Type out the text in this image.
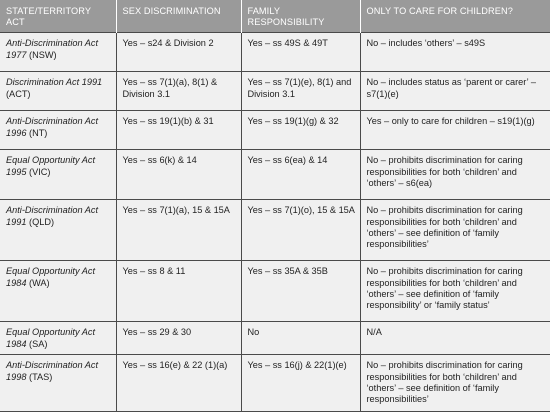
STATE/TERRITORY ACT	SEX DISCRIMINATION	FAMILY RESPONSIBILITY	ONLY TO CARE FOR CHILDREN?
Anti-Discrimination Act 1977 (NSW)	Yes – s24 & Division 2	Yes – ss 49S & 49T	No – includes ‘others’ – s49S
Discrimination Act 1991 (ACT)	Yes – ss 7(1)(a), 8(1) & Division 3.1	Yes – ss 7(1)(e), 8(1) and Division 3.1	No – includes status as ‘parent or carer’ – s7(1)(e)
Anti-Discrimination Act 1996 (NT)	Yes – ss 19(1)(b) & 31	Yes – ss 19(1)(g) & 32	Yes – only to care for children – s19(1)(g)
Equal Opportunity Act 1995 (VIC)	Yes – ss 6(k) & 14	Yes – ss 6(ea) & 14	No – prohibits discrimination for caring responsibilities for both ‘children’ and ‘others’ – s6(ea)
Anti-Discrimination Act 1991 (QLD)	Yes – ss 7(1)(a), 15 & 15A	Yes – ss 7(1)(o), 15 & 15A	No – prohibits discrimination for caring responsibilities for both ‘children’ and ‘others’ – see definition of ‘family responsibilities’
Equal Opportunity Act 1984 (WA)	Yes – ss 8 & 11	Yes – ss 35A & 35B	No – prohibits discrimination for caring responsibilities for both ‘children’ and ‘others’ – see definition of ‘family responsibility’ or ‘family status’
Equal Opportunity Act 1984 (SA)	Yes – ss 29 & 30	No	N/A
Anti-Discrimination Act 1998 (TAS)	Yes – ss 16(e) & 22 (1)(a)	Yes – ss 16(j) & 22(1)(e)	No – prohibits discrimination for caring responsibilities for both ‘children’ and ‘others’ – see definition of ‘family responsibilities’
